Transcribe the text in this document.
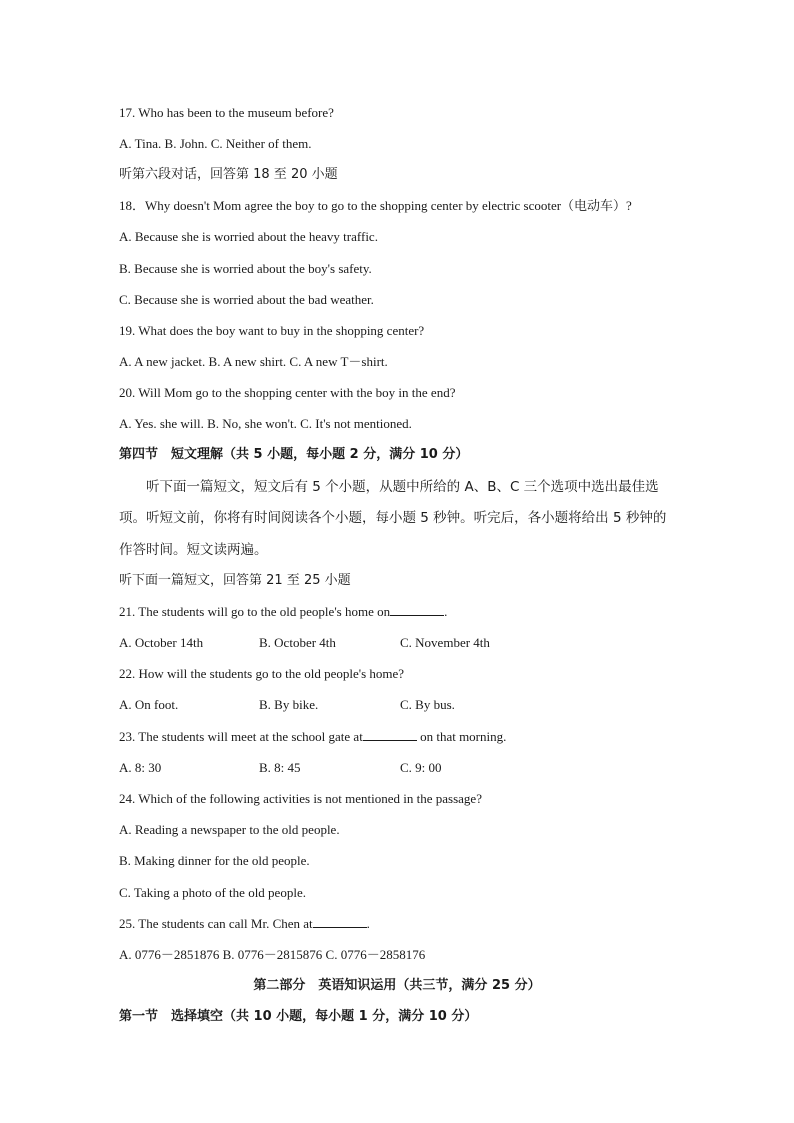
17. Who has been to the museum before?
A. Tina. B. John. C. Neither of them.
听第六段对话，回答第 18 至 20 小题
18．Why doesn't Mom agree the boy to go to the shopping center by electric scooter（电动车）?
A. Because she is worried about the heavy traffic.
B. Because she is worried about the boy's safety.
C. Because she is worried about the bad weather.
19. What does the boy want to buy in the shopping center?
A. A new jacket. B. A new shirt. C. A new T－shirt.
20. Will Mom go to the shopping center with the boy in the end?
A. Yes. she will. B. No, she won't. C. It's not mentioned.
第四节　短文理解（共 5 小题，每小题 2 分，满分 10 分）
听下面一篇短文，短文后有 5 个小题，从题中所给的 A、B、C 三个选项中选出最佳选
项。听短文前，你将有时间阅读各个小题，每小题 5 秒钟。听完后，各小题将给出 5 秒钟的
作答时间。短文读两遍。
听下面一篇短文，回答第 21 至 25 小题
21. The students will go to the old people's home on	.
A. October 14th	B. October 4th	C. November 4th
22. How will the students go to the old people's home?
A. On foot.	B. By bike.	C. By bus.
23. The students will meet at the school gate at	on that morning.
A. 8: 30	B. 8: 45	C. 9: 00
24. Which of the following activities is not mentioned in the passage?
A. Reading a newspaper to the old people.
B. Making dinner for the old people.
C. Taking a photo of the old people.
25. The students can call Mr. Chen at	.
A. 0776－2851876 B. 0776－2815876 C. 0776－2858176
第二部分　英语知识运用（共三节，满分 25 分）
第一节　选择填空（共 10 小题，每小题 1 分，满分 10 分）
